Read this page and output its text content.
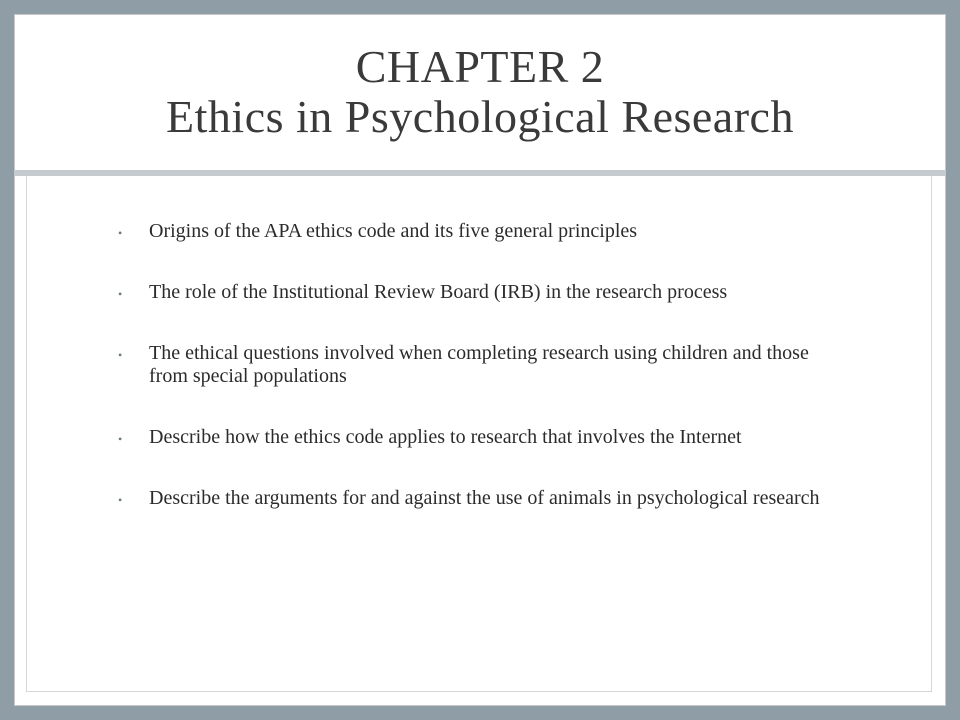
CHAPTER 2
Ethics in Psychological Research
• Origins of the APA ethics code and its five general principles
• The role of the Institutional Review Board (IRB) in the research process
• The ethical questions involved when completing research using children and those from special populations
• Describe how the ethics code applies to research that involves the Internet
• Describe the arguments for and against the use of animals in psychological research
